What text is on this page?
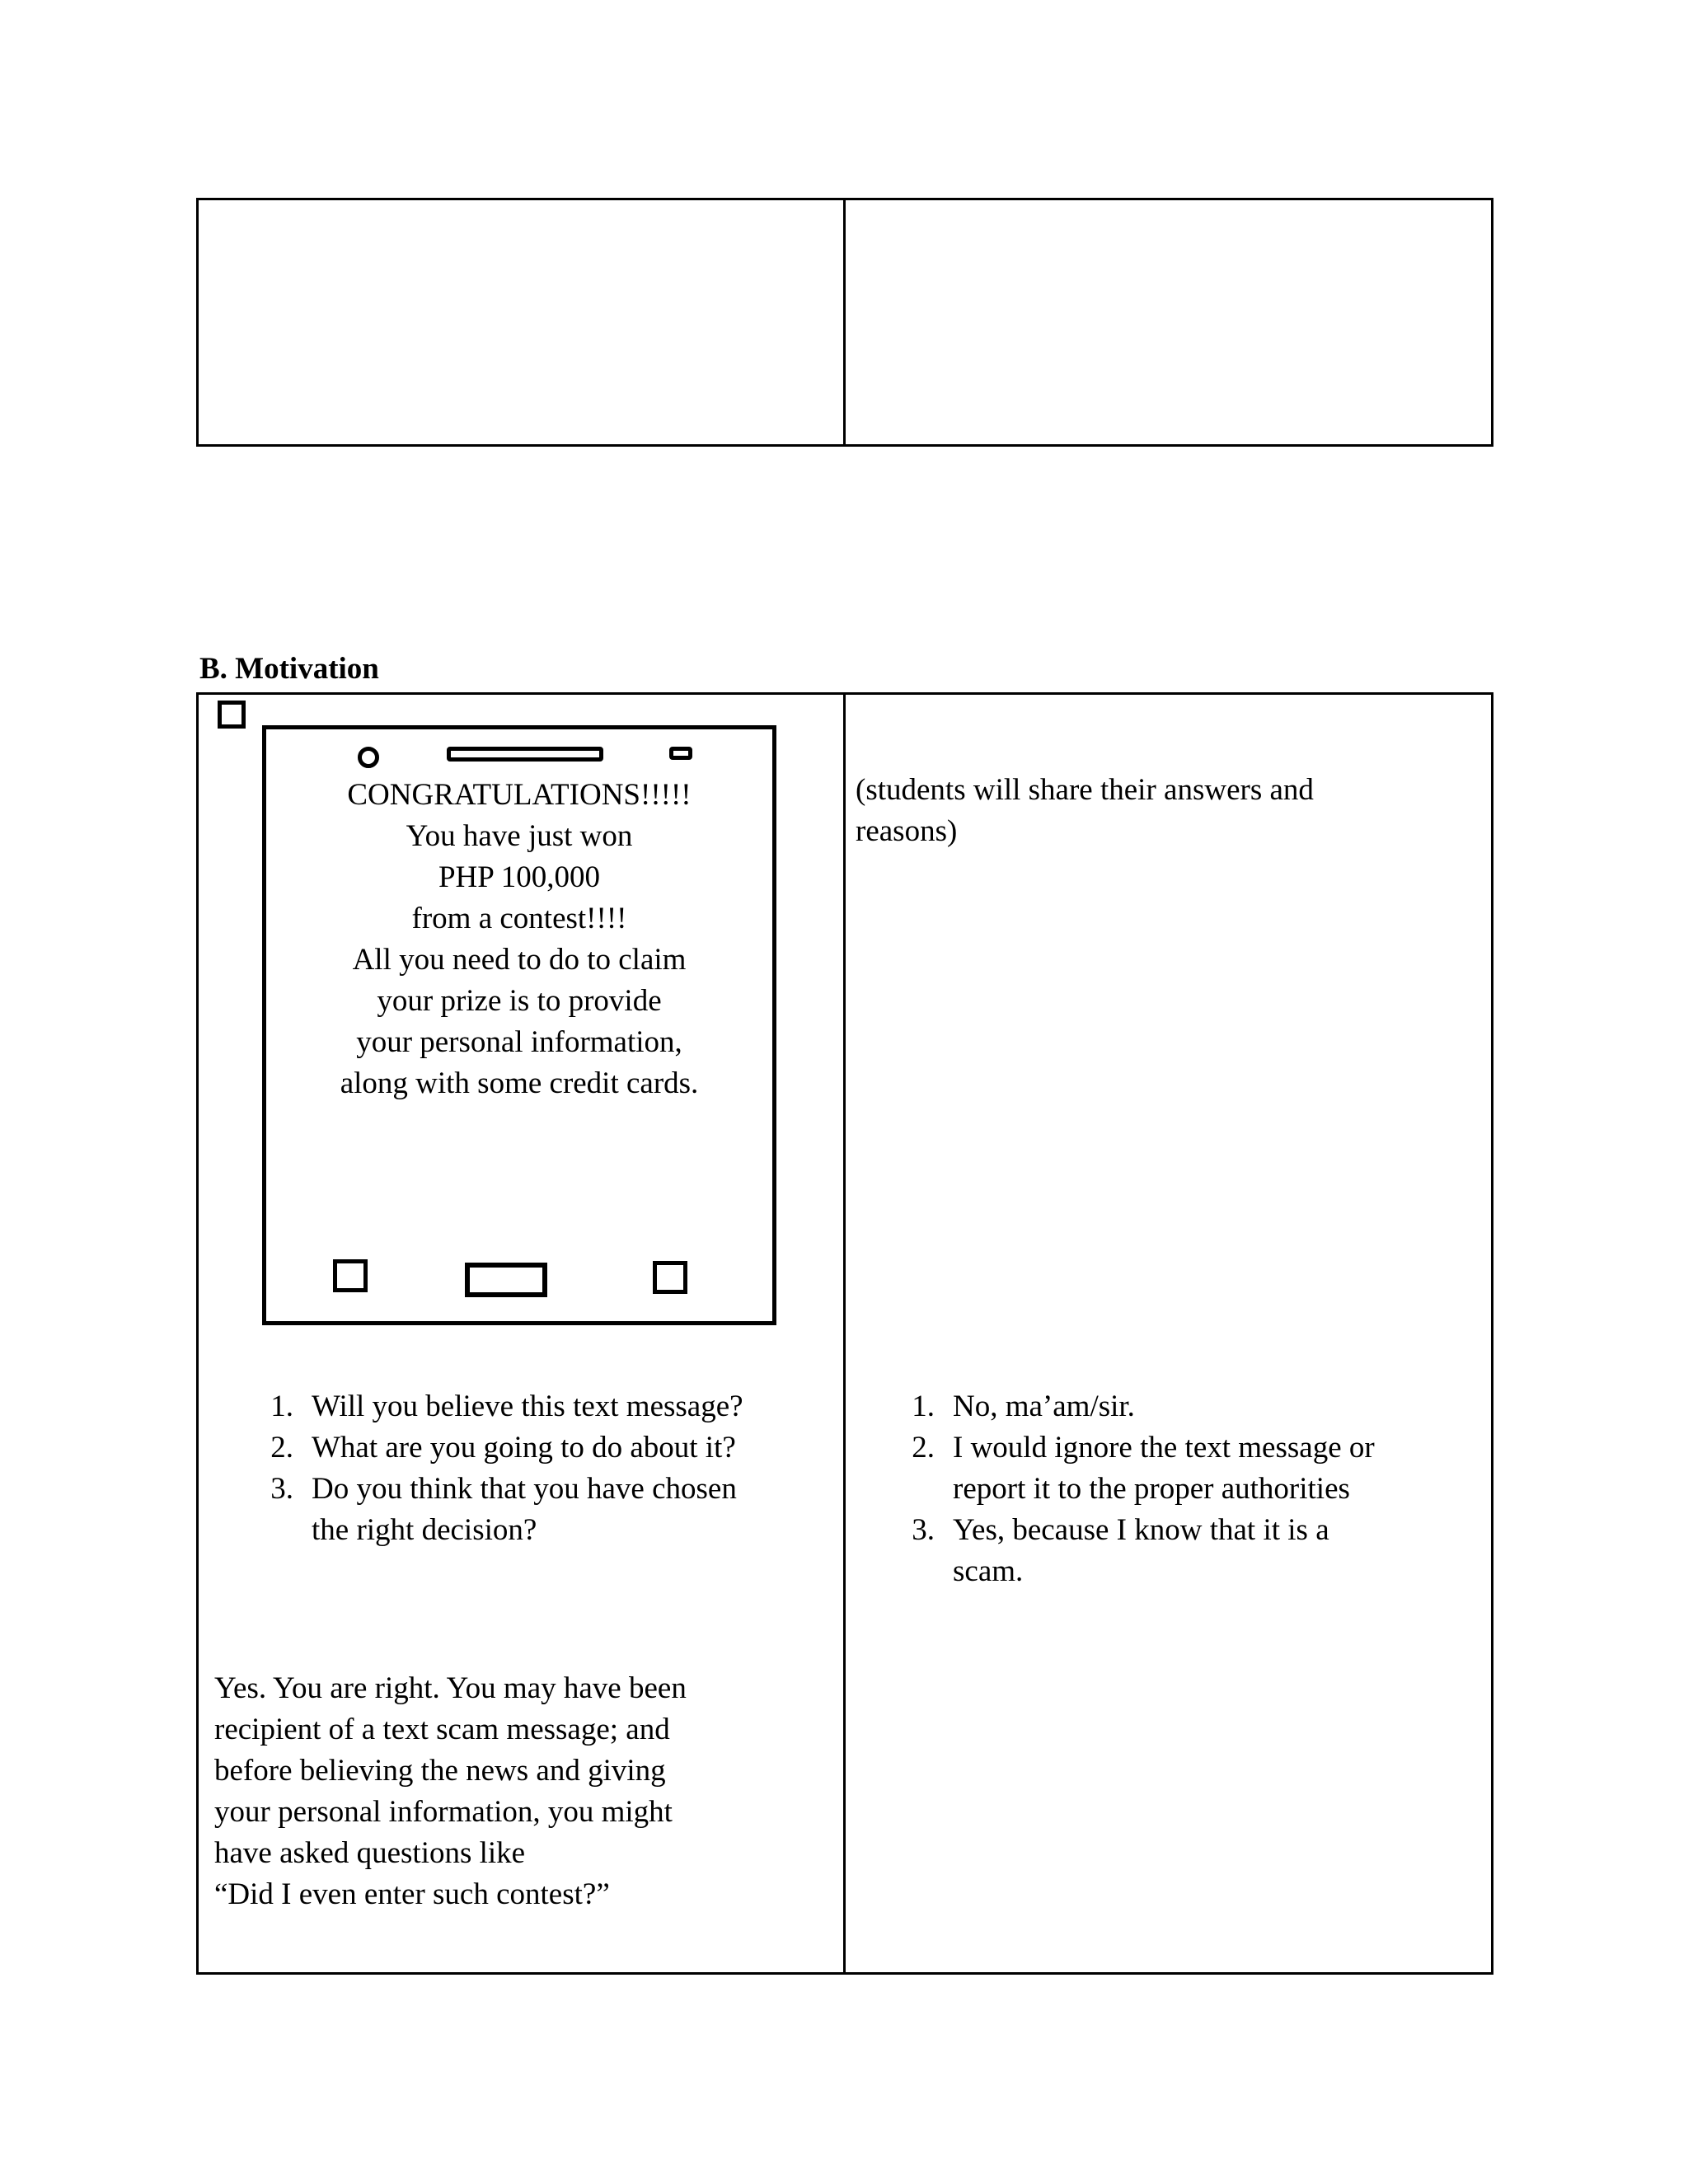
B. Motivation
CONGRATULATIONS!!!!!
You have just won
PHP 100,000
from a contest!!!!
All you need to do to claim
your prize is to provide
your personal information,
along with some credit cards.
(students will share their answers and
reasons)
1. Will you believe this text message?
2. What are you going to do about it?
3. Do you think that you have chosen
the right decision?
1. No, ma’am/sir.
2. I would ignore the text message or
report it to the proper authorities
3. Yes, because I know that it is a
scam.
Yes. You are right. You may have been
recipient of a text scam message; and
before believing the news and giving
your personal information, you might
have asked questions like
“Did I even enter such contest?”
